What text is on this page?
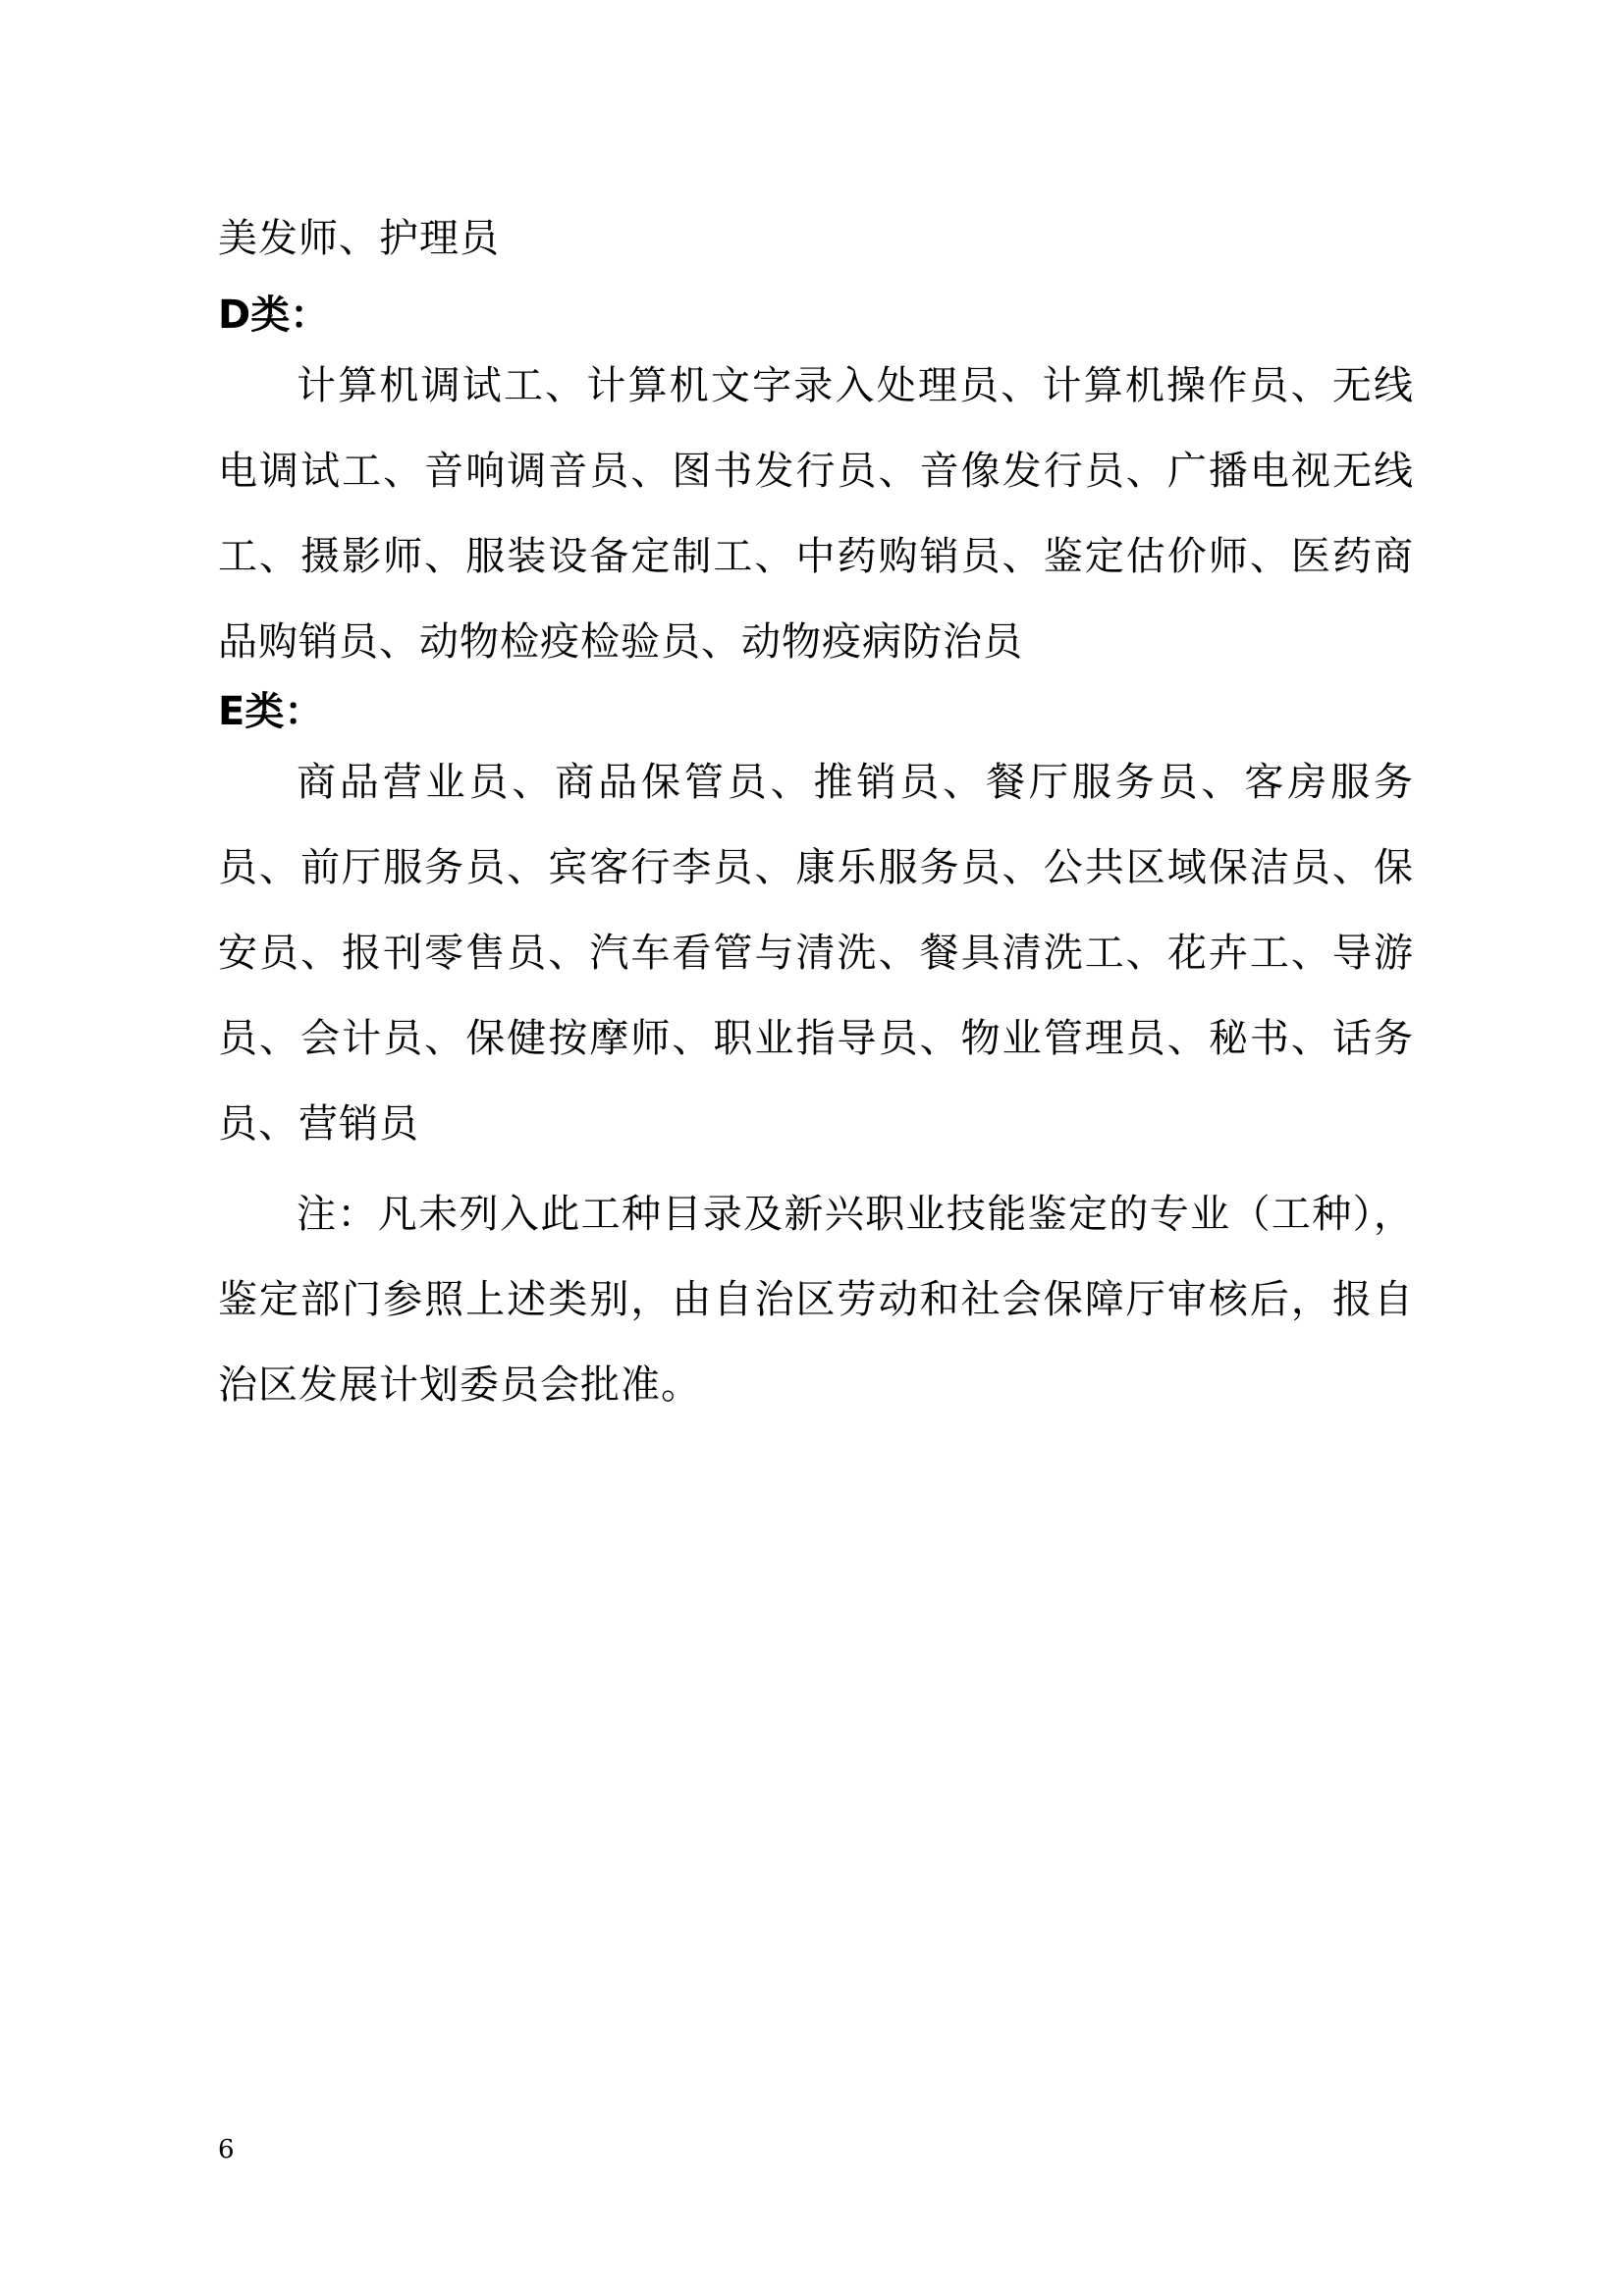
美发师、护理员
D类：
计算机调试工、计算机文字录入处理员、计算机操作员、无线电调试工、音响调音员、图书发行员、音像发行员、广播电视无线工、摄影师、服装设备定制工、中药购销员、鉴定估价师、医药商品购销员、动物检疫检验员、动物疫病防治员
E类：
商品营业员、商品保管员、推销员、餐厅服务员、客房服务员、前厅服务员、宾客行李员、康乐服务员、公共区域保洁员、保安员、报刊零售员、汽车看管与清洗、餐具清洗工、花卉工、导游员、会计员、保健按摩师、职业指导员、物业管理员、秘书、话务员、营销员
注：凡未列入此工种目录及新兴职业技能鉴定的专业（工种），鉴定部门参照上述类别，由自治区劳动和社会保障厅审核后，报自治区发展计划委员会批准。
6
